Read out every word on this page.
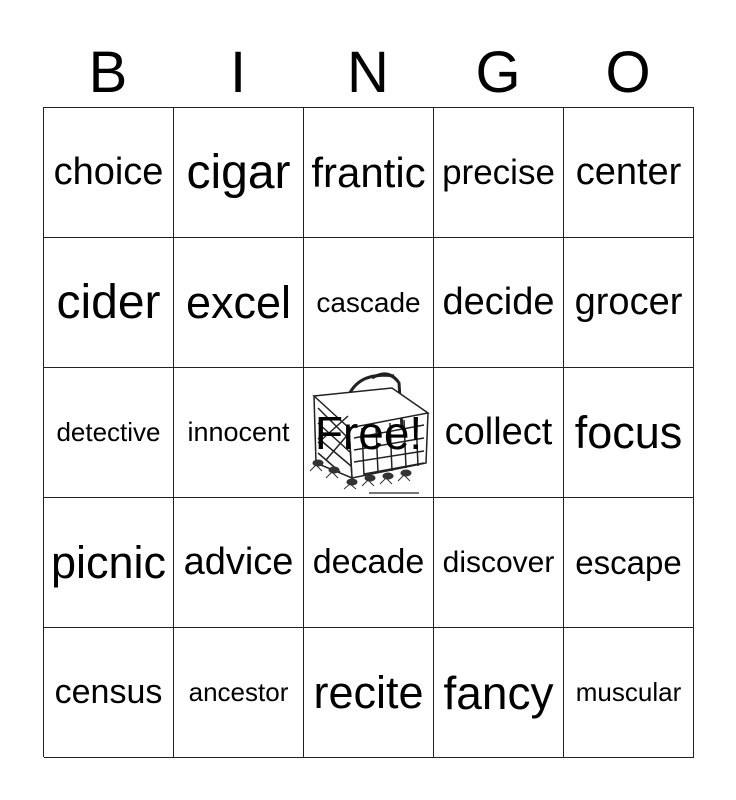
B	I	N	G	O
choice cigar frantic precise center
cider excel cascade decide grocer
detective innocent Free! collect focus
picnic advice decade discover escape
census ancestor recite fancy muscular
